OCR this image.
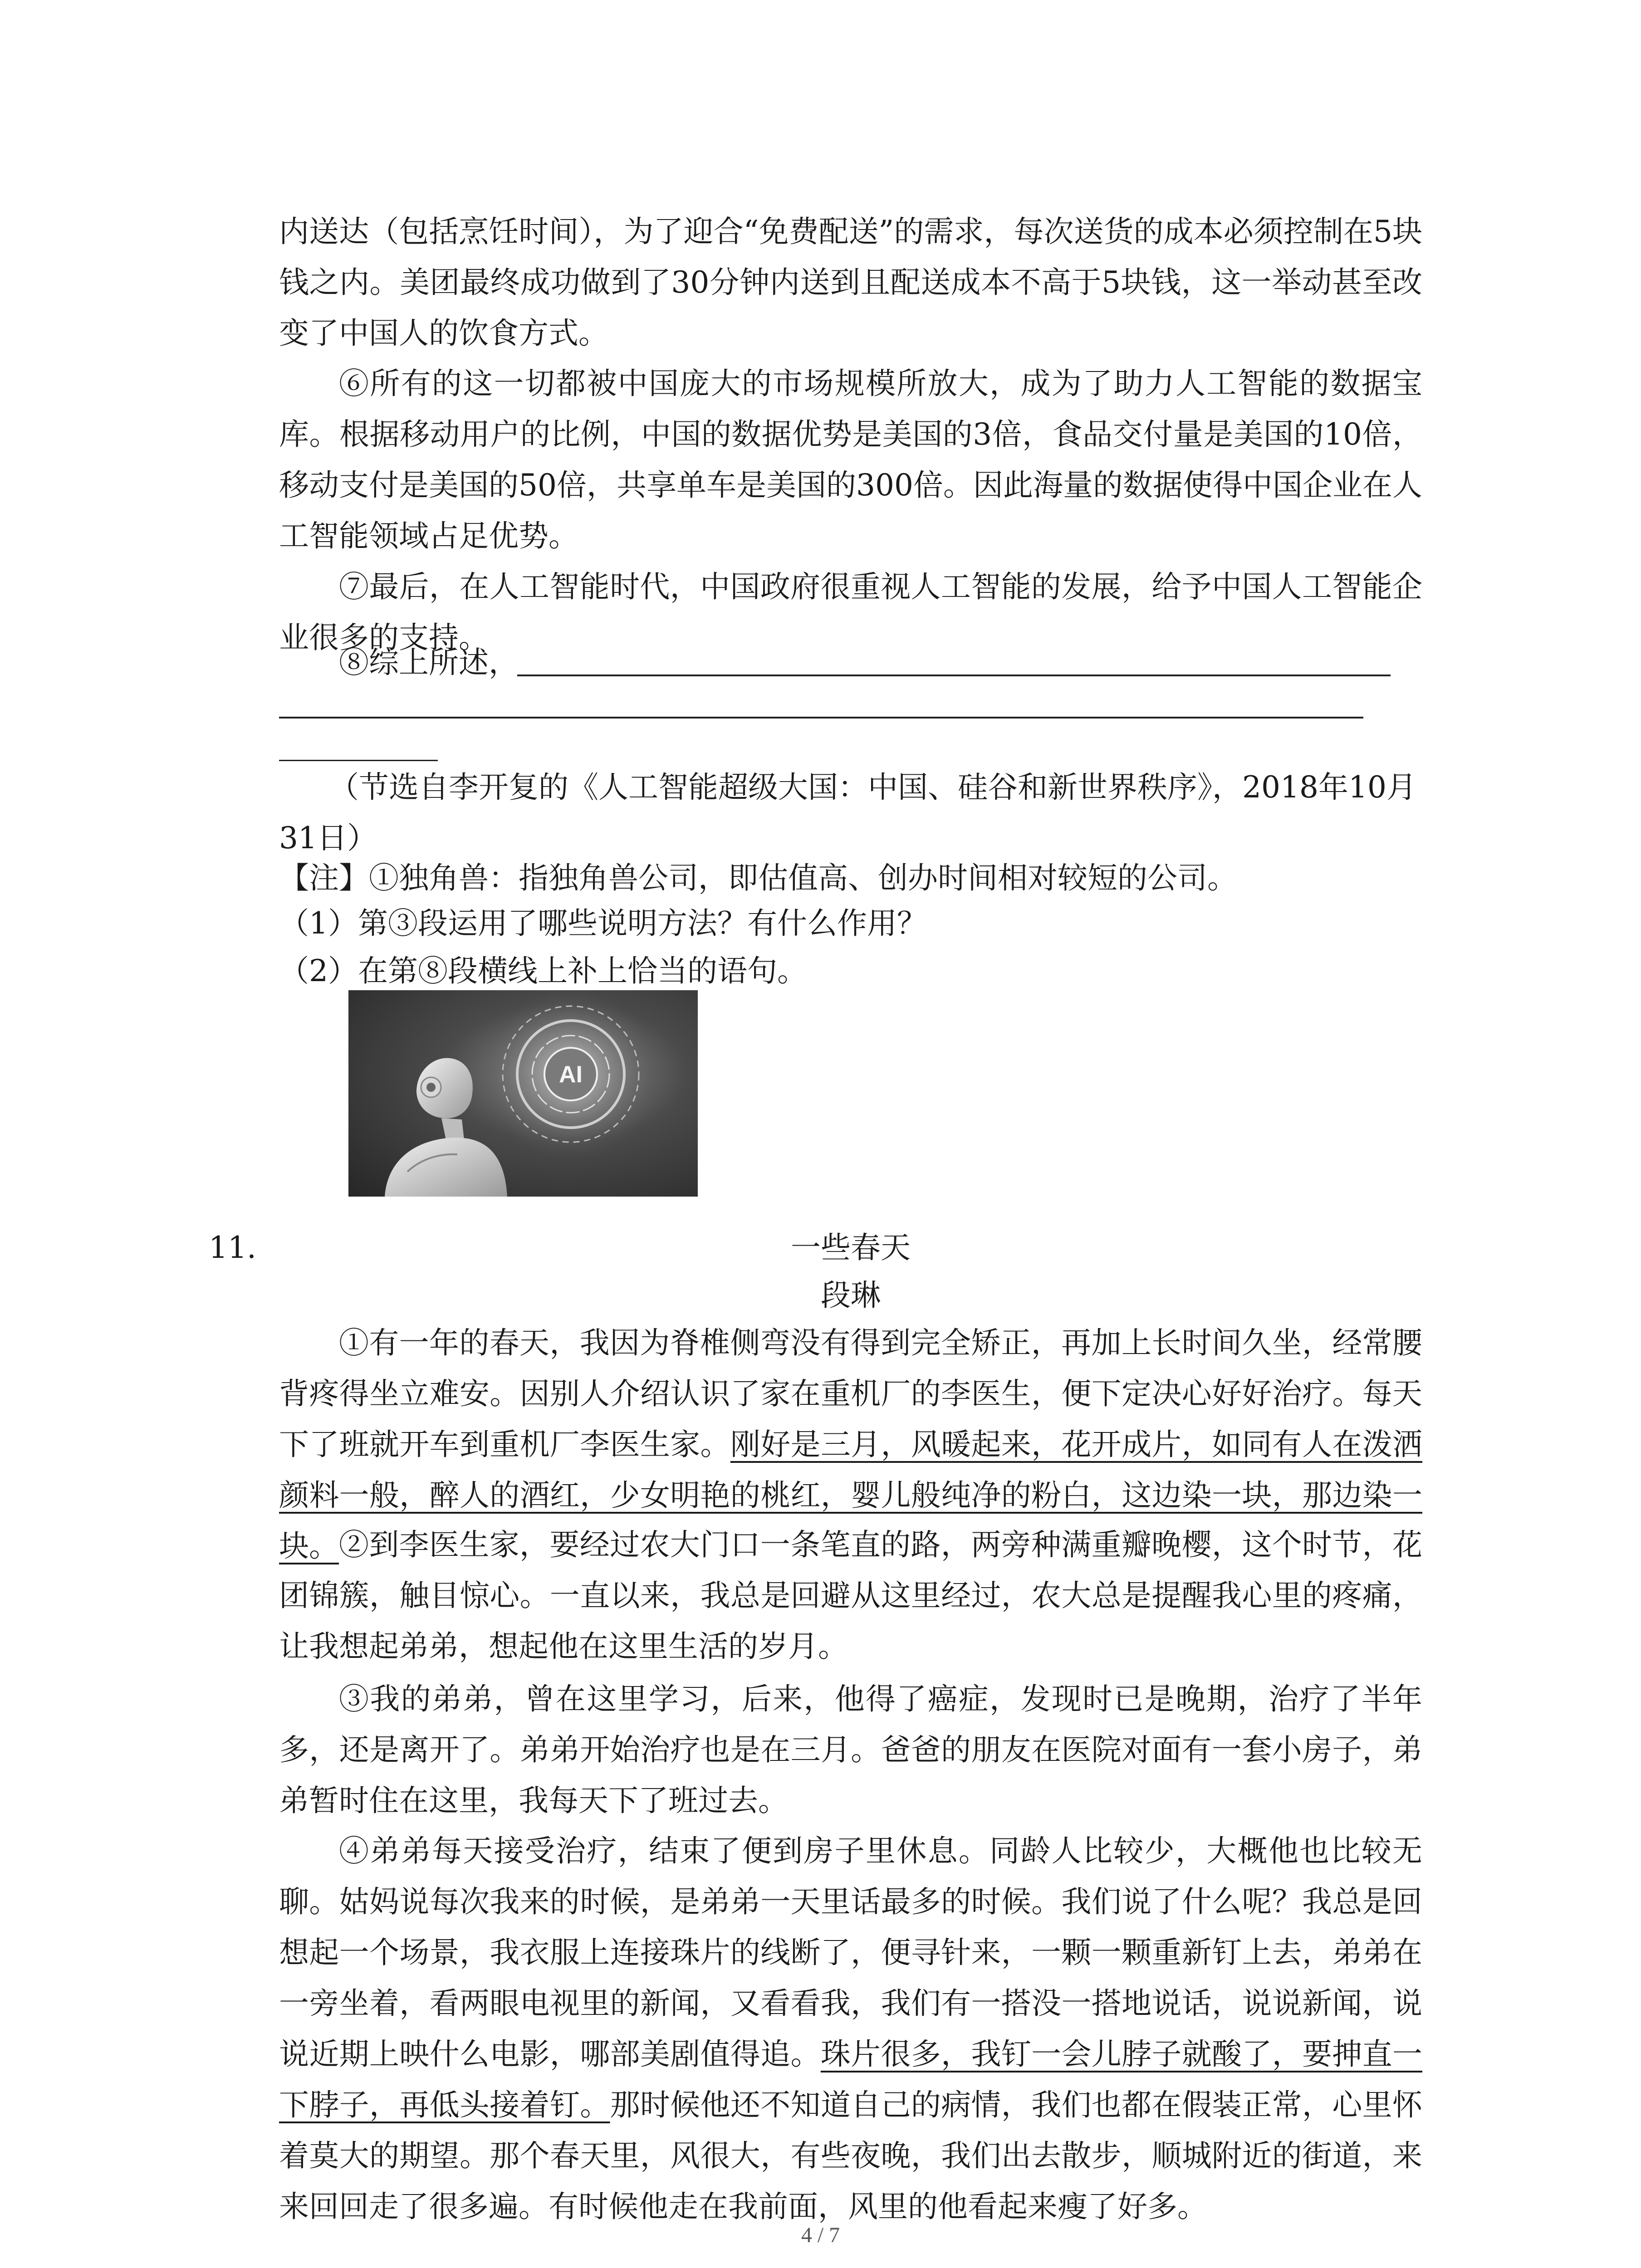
内送达（包括烹饪时间），为了迎合“免费配送”的需求，每次送货的成本必须控制在5块钱之内。美团最终成功做到了30分钟内送到且配送成本不高于5块钱，这一举动甚至改变了中国人的饮食方式。

⑥所有的这一切都被中国庞大的市场规模所放大，成为了助力人工智能的数据宝库。根据移动用户的比例，中国的数据优势是美国的3倍，食品交付量是美国的10倍，移动支付是美国的50倍，共享单车是美国的300倍。因此海量的数据使得中国企业在人工智能领域占足优势。

⑦最后，在人工智能时代，中国政府很重视人工智能的发展，给予中国人工智能企业很多的支持。

⑧综上所述，

（节选自李开复的《人工智能超级大国：中国、硅谷和新世界秩序》，2018年10月31日）

【注】①独角兽：指独角兽公司，即估值高、创办时间相对较短的公司。

（1）第③段运用了哪些说明方法？有什么作用？

（2）在第⑧段横线上补上恰当的语句。

AI

11.	一些春天

段琳

①有一年的春天，我因为脊椎侧弯没有得到完全矫正，再加上长时间久坐，经常腰背疼得坐立难安。因别人介绍认识了家在重机厂的李医生，便下定决心好好治疗。每天下了班就开车到重机厂李医生家。刚好是三月，风暖起来，花开成片，如同有人在泼洒颜料一般，醉人的酒红，少女明艳的桃红，婴儿般纯净的粉白，这边染一块，那边染一块。 ②到李医生家，要经过农大门口一条笔直的路，两旁种满重瓣晚樱，这个时节，花团锦簇，触目惊心。一直以来，我总是回避从这里经过，农大总是提醒我心里的疼痛，让我想起弟弟，想起他在这里生活的岁月。

③我的弟弟，曾在这里学习，后来，他得了癌症，发现时已是晚期，治疗了半年多，还是离开了。弟弟开始治疗也是在三月。爸爸的朋友在医院对面有一套小房子，弟弟暂时住在这里，我每天下了班过去。

④弟弟每天接受治疗，结束了便到房子里休息。同龄人比较少，大概他也比较无聊。姑妈说每次我来的时候，是弟弟一天里话最多的时候。我们说了什么呢？我总是回想起一个场景，我衣服上连接珠片的线断了，便寻针来，一颗一颗重新钉上去，弟弟在一旁坐着，看两眼电视里的新闻，又看看我，我们有一搭没一搭地说话，说说新闻，说说近期上映什么电影，哪部美剧值得追。珠片很多，我钉一会儿脖子就酸了，要抻直一下脖子，再低头接着钉。那时候他还不知道自己的病情，我们也都在假装正常，心里怀着莫大的期望。那个春天里，风很大，有些夜晚，我们出去散步，顺城附近的街道，来来回回走了很多遍。有时候他走在我前面，风里的他看起来瘦了好多。

4 / 7
